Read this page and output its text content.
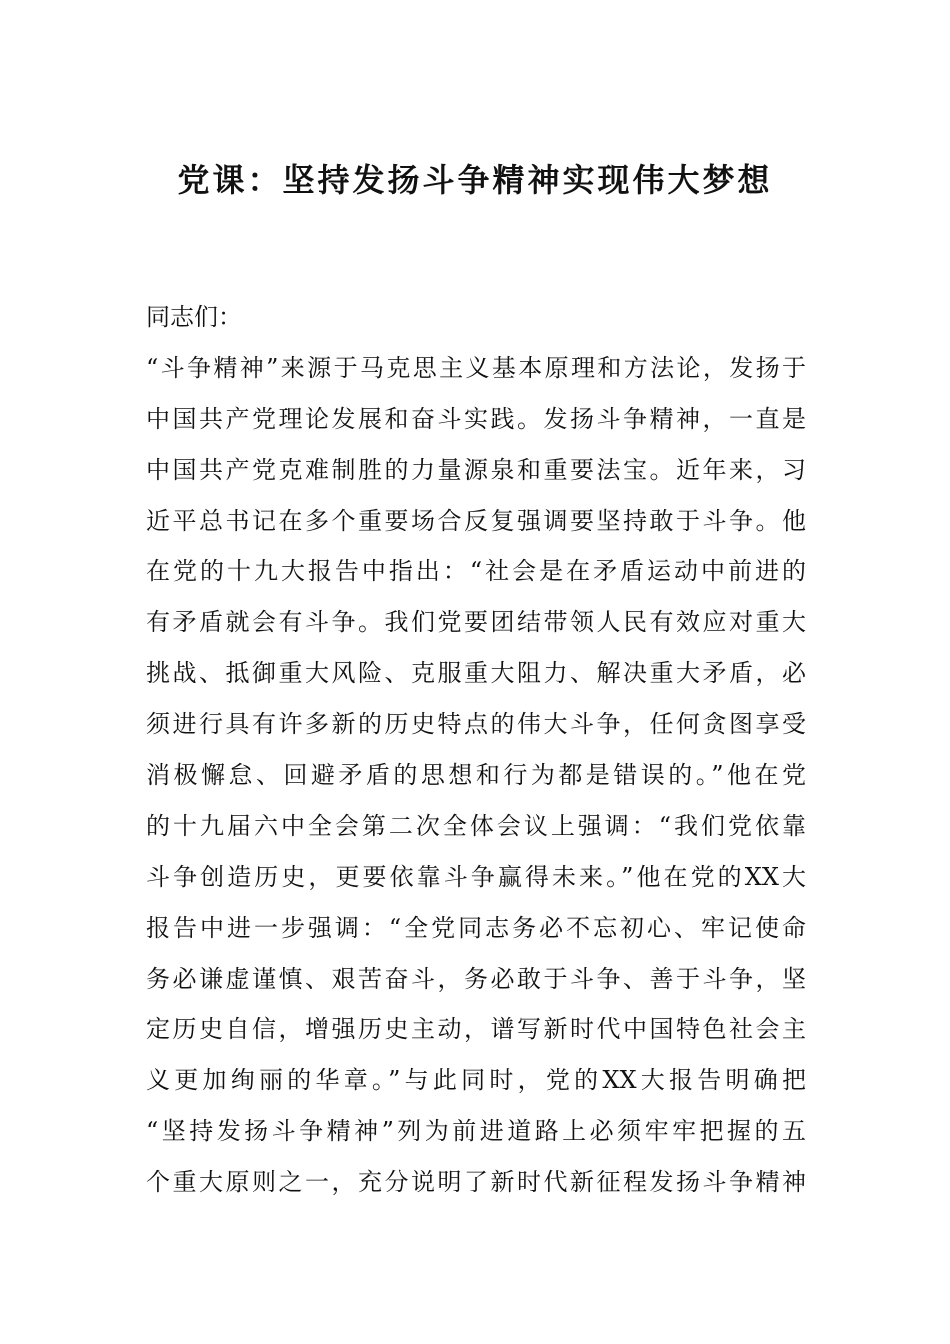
党课：坚持发扬斗争精神实现伟大梦想
同志们：
“斗争精神”来源于马克思主义基本原理和方法论，发扬于
中国共产党理论发展和奋斗实践。发扬斗争精神，一直是
中国共产党克难制胜的力量源泉和重要法宝。近年来，习
近平总书记在多个重要场合反复强调要坚持敢于斗争。他
在党的十九大报告中指出：“社会是在矛盾运动中前进的
有矛盾就会有斗争。我们党要团结带领人民有效应对重大
挑战、抵御重大风险、克服重大阻力、解决重大矛盾，必
须进行具有许多新的历史特点的伟大斗争，任何贪图享受
消极懈怠、回避矛盾的思想和行为都是错误的。”他在党
的十九届六中全会第二次全体会议上强调：“我们党依靠
斗争创造历史，更要依靠斗争赢得未来。”他在党的XX大
报告中进一步强调：“全党同志务必不忘初心、牢记使命
务必谦虚谨慎、艰苦奋斗，务必敢于斗争、善于斗争，坚
定历史自信，增强历史主动，谱写新时代中国特色社会主
义更加绚丽的华章。”与此同时，党的XX大报告明确把
“坚持发扬斗争精神”列为前进道路上必须牢牢把握的五
个重大原则之一，充分说明了新时代新征程发扬斗争精神
